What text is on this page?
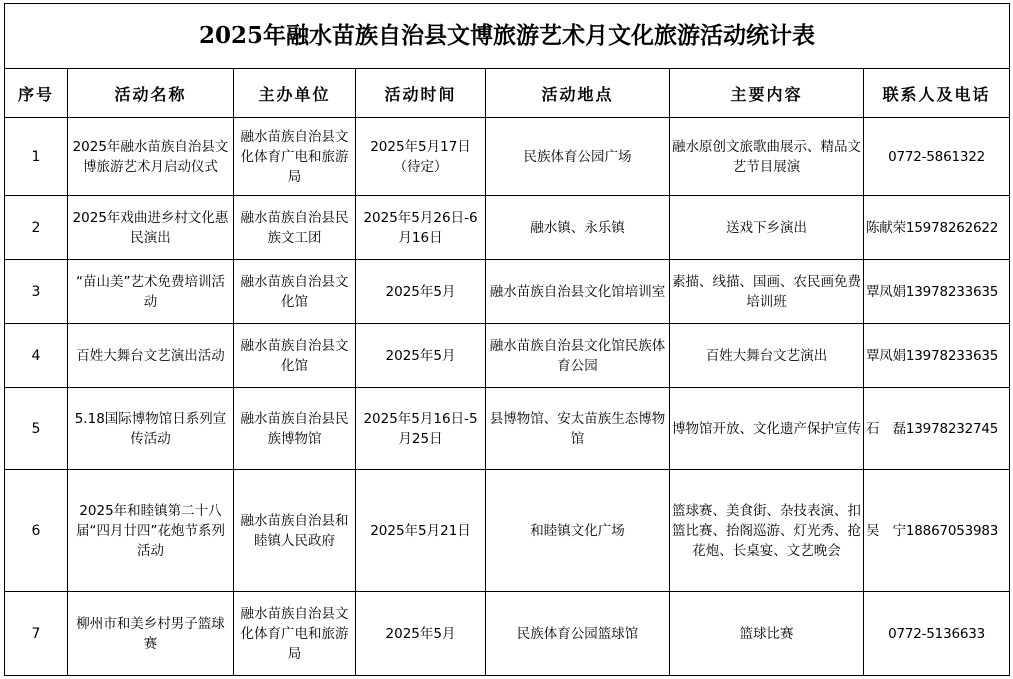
2025年融水苗族自治县文博旅游艺术月文化旅游活动统计表						
序号	活动名称	主办单位	活动时间	活动地点	主要内容	联系人及电话
1	2025年融水苗族自治县文博旅游艺术月启动仪式	融水苗族自治县文化体育广电和旅游局	2025年5月17日（待定）	民族体育公园广场	融水原创文旅歌曲展示、精品文艺节目展演	0772-5861322
2	2025年戏曲进乡村文化惠民演出	融水苗族自治县民族文工团	2025年5月26日-6月16日	融水镇、永乐镇	送戏下乡演出	陈献荣15978262622
3	“苗山美”艺术免费培训活动	融水苗族自治县文化馆	2025年5月	融水苗族自治县文化馆培训室	素描、线描、国画、农民画免费培训班	覃凤娟13978233635
4	百姓大舞台文艺演出活动	融水苗族自治县文化馆	2025年5月	融水苗族自治县文化馆民族体育公园	百姓大舞台文艺演出	覃凤娟13978233635
5	5.18国际博物馆日系列宣传活动	融水苗族自治县民族博物馆	2025年5月16日-5月25日	县博物馆、安太苗族生态博物馆	博物馆开放、文化遗产保护宣传	石　磊13978232745
6	2025年和睦镇第二十八届“四月廿四”花炮节系列活动	融水苗族自治县和睦镇人民政府	2025年5月21日	和睦镇文化广场	篮球赛、美食街、杂技表演、扣篮比赛、抬阁巡游、灯光秀、抢花炮、长桌宴、文艺晚会	吴　宁18867053983
7	柳州市和美乡村男子篮球赛	融水苗族自治县文化体育广电和旅游局	2025年5月	民族体育公园篮球馆	篮球比赛	0772-5136633
